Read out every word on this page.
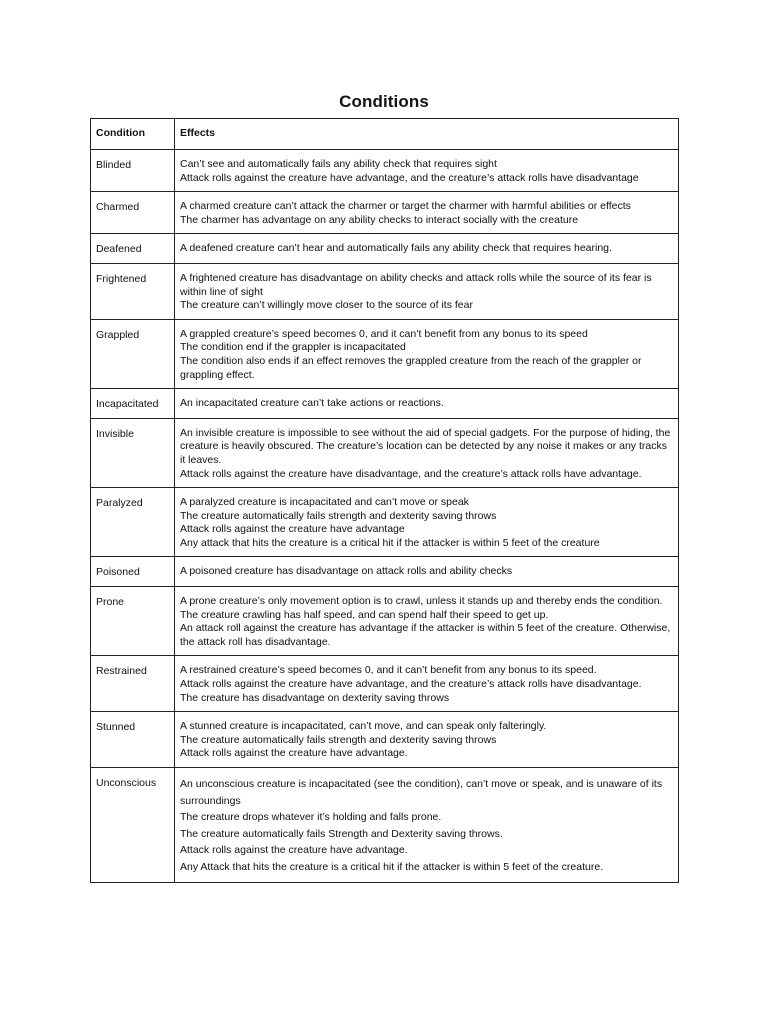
Conditions
Condition	Effects
Blinded	Can’t see and automatically fails any ability check that requires sight
Attack rolls against the creature have advantage, and the creature’s attack rolls have disadvantage

Charmed	A charmed creature can’t attack the charmer or target the charmer with harmful abilities or effects
The charmer has advantage on any ability checks to interact socially with the creature

Deafened	A deafened creature can’t hear and automatically fails any ability check that requires hearing.

Frightened	A frightened creature has disadvantage on ability checks and attack rolls while the source of its fear is within line of sight
The creature can’t willingly move closer to the source of its fear

Grappled	A grappled creature’s speed becomes 0, and it can’t benefit from any bonus to its speed
The condition end if the grappler is incapacitated
The condition also ends if an effect removes the grappled creature from the reach of the grappler or grappling effect.

Incapacitated	An incapacitated creature can’t take actions or reactions.

Invisible	An invisible creature is impossible to see without the aid of special gadgets. For the purpose of hiding, the creature is heavily obscured. The creature’s location can be detected by any noise it makes or any tracks it leaves.
Attack rolls against the creature have disadvantage, and the creature’s attack rolls have advantage.

Paralyzed	A paralyzed creature is incapacitated and can’t move or speak
The creature automatically fails strength and dexterity saving throws
Attack rolls against the creature have advantage
Any attack that hits the creature is a critical hit if the attacker is within 5 feet of the creature

Poisoned	A poisoned creature has disadvantage on attack rolls and ability checks

Prone	A prone creature’s only movement option is to crawl, unless it stands up and thereby ends the condition.
The creature crawling has half speed, and can spend half their speed to get up.
An attack roll against the creature has advantage if the attacker is within 5 feet of the creature. Otherwise, the attack roll has disadvantage.

Restrained	A restrained creature’s speed becomes 0, and it can’t benefit from any bonus to its speed.
Attack rolls against the creature have advantage, and the creature’s attack rolls have disadvantage.
The creature has disadvantage on dexterity saving throws

Stunned	A stunned creature is incapacitated, can’t move, and can speak only falteringly.
The creature automatically fails strength and dexterity saving throws
Attack rolls against the creature have advantage.

Unconscious	An unconscious creature is incapacitated (see the condition), can’t move or speak, and is unaware of its surroundings
The creature drops whatever it’s holding and falls prone.
The creature automatically fails Strength and Dexterity saving throws.
Attack rolls against the creature have advantage.
Any Attack that hits the creature is a critical hit if the attacker is within 5 feet of the creature.
